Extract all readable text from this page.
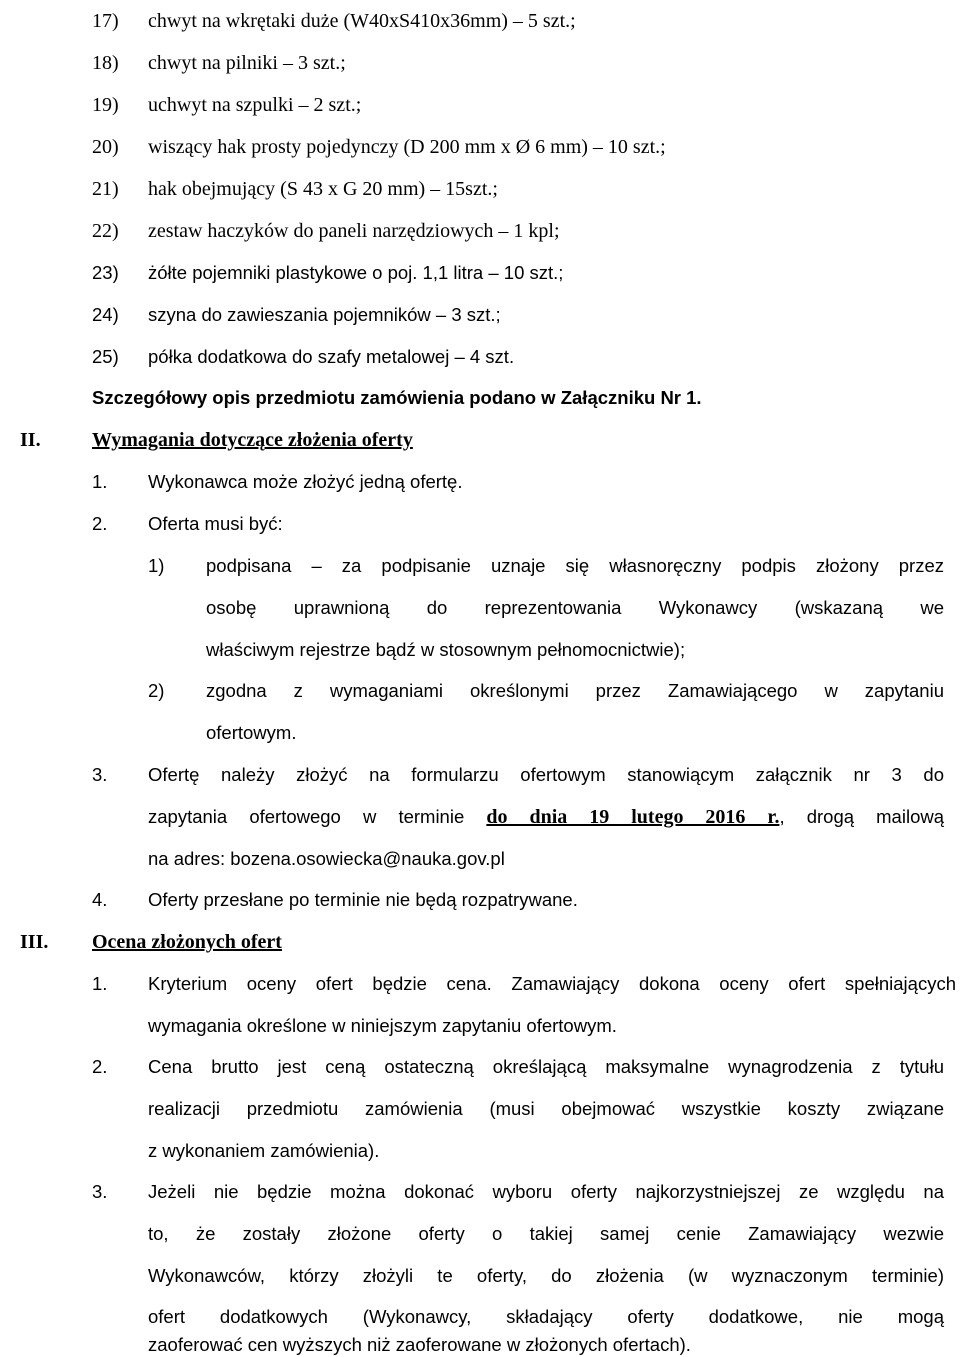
17) chwyt na wkrętaki duże (W40xS410x36mm) – 5 szt.;
18) chwyt na pilniki – 3 szt.;
19) uchwyt na szpulki – 2 szt.;
20) wiszący hak prosty pojedynczy (D 200 mm x Ø 6 mm) – 10 szt.;
21) hak obejmujący (S 43 x G 20 mm) – 15szt.;
22) zestaw haczyków do paneli narzędziowych – 1 kpl;
23) żółte pojemniki plastykowe o poj. 1,1 litra – 10 szt.;
24) szyna do zawieszania pojemników – 3 szt.;
25) półka dodatkowa do szafy metalowej – 4 szt.
Szczegółowy opis przedmiotu zamówienia podano w Załączniku Nr 1.
II.	Wymagania dotyczące złożenia oferty
1. Wykonawca może złożyć jedną ofertę.
2. Oferta musi być:
1) podpisana – za podpisanie uznaje się własnoręczny podpis złożony przez
osobę uprawnioną do reprezentowania Wykonawcy (wskazaną we
właściwym rejestrze bądź w stosownym pełnomocnictwie);
2) zgodna z wymaganiami określonymi przez Zamawiającego w zapytaniu
ofertowym.
3. Ofertę należy złożyć na formularzu ofertowym stanowiącym załącznik nr 3 do
zapytania ofertowego w terminie do dnia 19 lutego 2016 r., drogą mailową
na adres: bozena.osowiecka@nauka.gov.pl
4. Oferty przesłane po terminie nie będą rozpatrywane.
III. Ocena złożonych ofert
1. Kryterium oceny ofert będzie cena. Zamawiający dokona oceny ofert spełniających
wymagania określone w niniejszym zapytaniu ofertowym.
2. Cena brutto jest ceną ostateczną określającą maksymalne wynagrodzenia z tytułu
realizacji przedmiotu zamówienia (musi obejmować wszystkie koszty związane
z wykonaniem zamówienia).
3. Jeżeli nie będzie można dokonać wyboru oferty najkorzystniejszej ze względu na
to, że zostały złożone oferty o takiej samej cenie Zamawiający wezwie
Wykonawców, którzy złożyli te oferty, do złożenia (w wyznaczonym terminie)
ofert dodatkowych (Wykonawcy, składający oferty dodatkowe, nie mogą
zaoferować cen wyższych niż zaoferowane w złożonych ofertach).
